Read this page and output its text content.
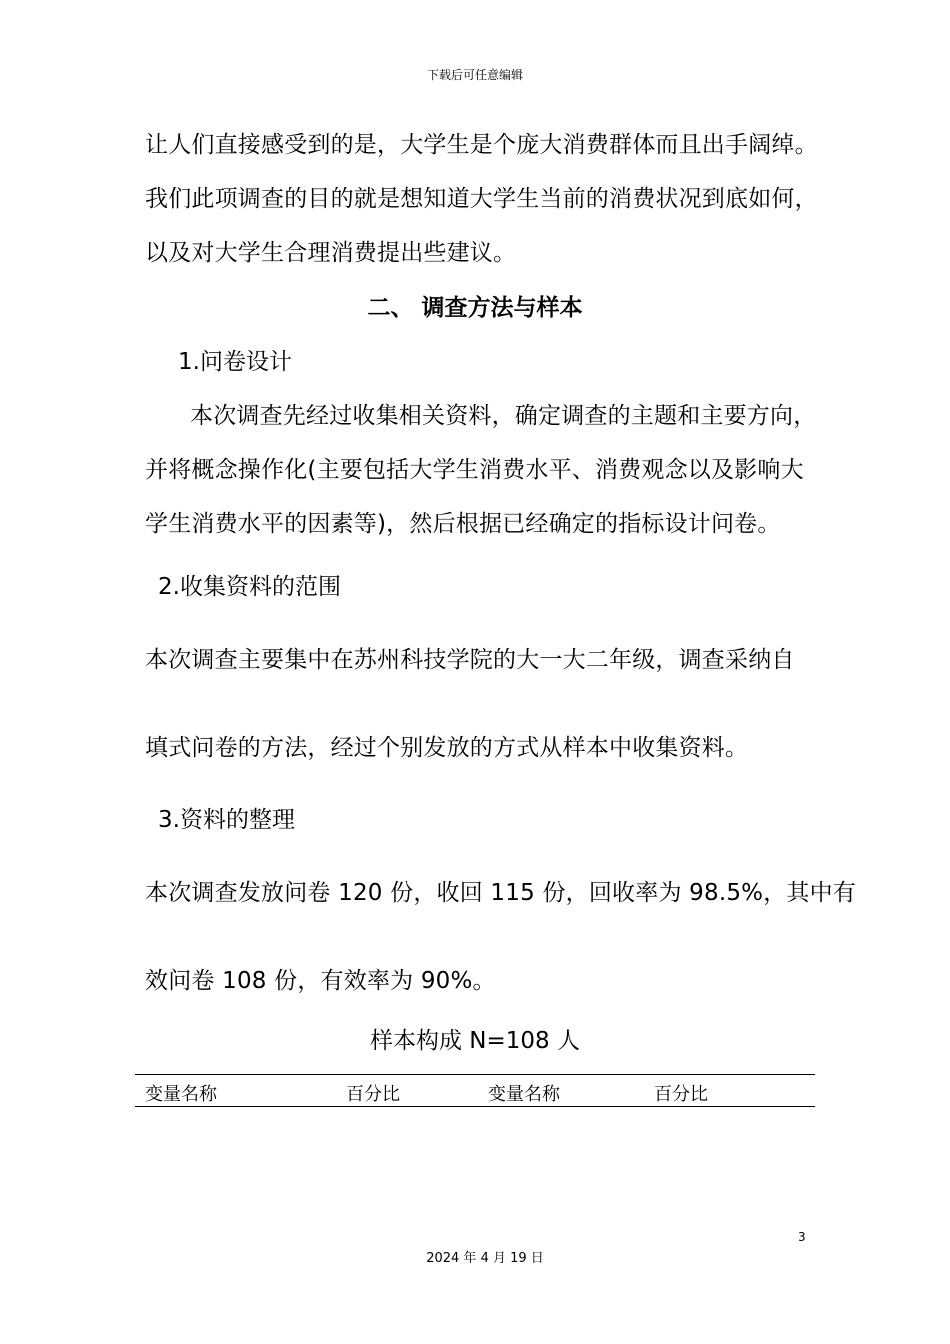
下载后可任意编辑
让人们直接感受到的是，大学生是个庞大消费群体而且出手阔绰。
我们此项调查的目的就是想知道大学生当前的消费状况到底如何，
以及对大学生合理消费提出些建议。
二、 调查方法与样本
1.问卷设计
本次调查先经过收集相关资料，确定调查的主题和主要方向，
并将概念操作化(主要包括大学生消费水平、消费观念以及影响大
学生消费水平的因素等)，然后根据已经确定的指标设计问卷。
2.收集资料的范围
本次调查主要集中在苏州科技学院的大一大二年级，调查采纳自
填式问卷的方法，经过个别发放的方式从样本中收集资料。
3.资料的整理
本次调查发放问卷 120 份，收回 115 份，回收率为 98.5%，其中有
效问卷 108 份，有效率为 90%。
样本构成 N=108 人
变量名称	百分比	变量名称	百分比
3
2024 年 4 月 19 日
